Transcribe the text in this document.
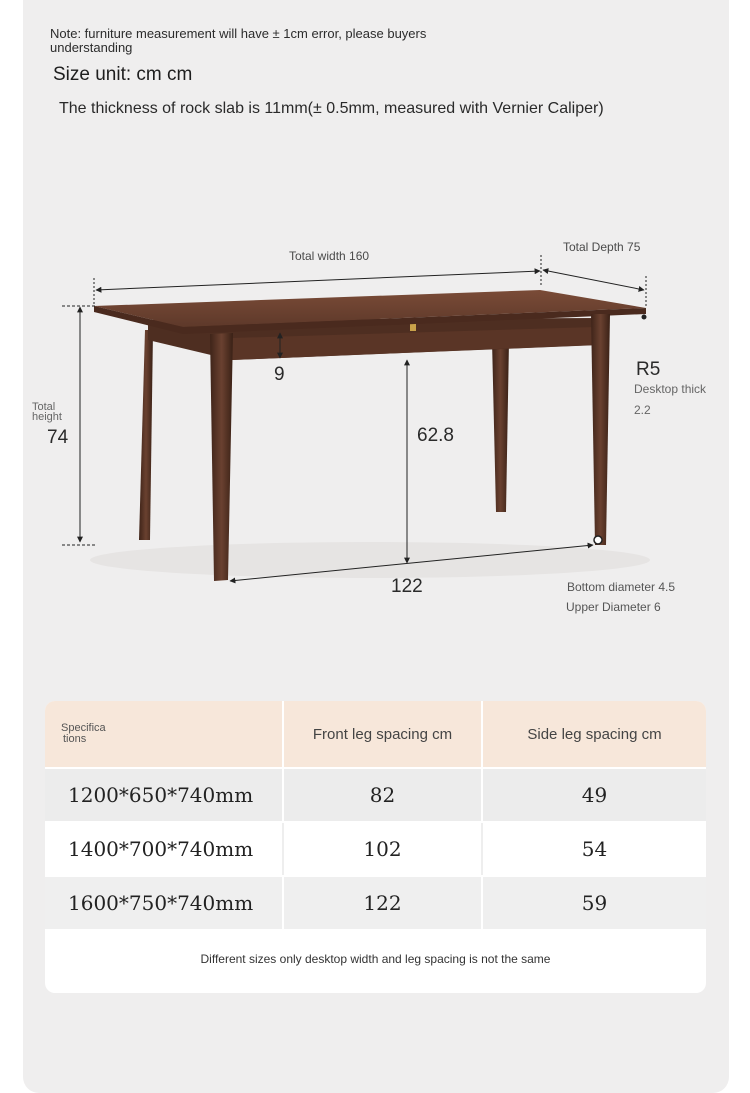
Note: furniture measurement will have ± 1cm error, please buyers understanding
Size unit: cm cm
The thickness of rock slab is 11mm(± 0.5mm, measured with Vernier Caliper)
Total width 160
Total Depth 75
9	R5
Desktop thick
2.2
Total
height
74	62.8
122	Bottom diameter 4.5
Upper Diameter 6
Specifica
tions	Front leg spacing cm	Side leg spacing cm
1200*650*740mm	82	49
1400*700*740mm	102	54
1600*750*740mm	122	59
Different sizes only desktop width and leg spacing is not the same
